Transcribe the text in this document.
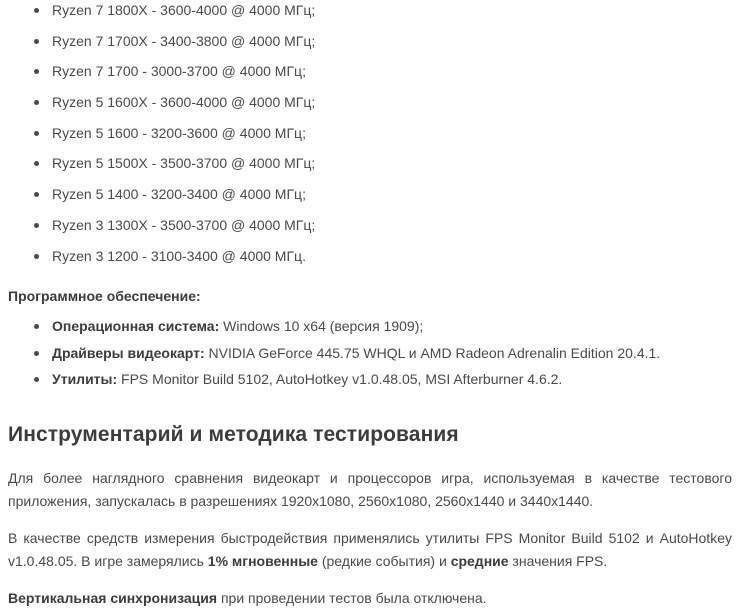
Ryzen 7 1800X - 3600-4000 @ 4000 МГц;
Ryzen 7 1700X - 3400-3800 @ 4000 МГц;
Ryzen 7 1700 - 3000-3700 @ 4000 МГц;
Ryzen 5 1600X - 3600-4000 @ 4000 МГц;
Ryzen 5 1600 - 3200-3600 @ 4000 МГц;
Ryzen 5 1500X - 3500-3700 @ 4000 МГц;
Ryzen 5 1400 - 3200-3400 @ 4000 МГц;
Ryzen 3 1300X - 3500-3700 @ 4000 МГц;
Ryzen 3 1200 - 3100-3400 @ 4000 МГц.
Программное обеспечение:
Операционная система: Windows 10 x64 (версия 1909);
Драйверы видеокарт: NVIDIA GeForce 445.75 WHQL и AMD Radeon Adrenalin Edition 20.4.1.
Утилиты: FPS Monitor Build 5102, AutoHotkey v1.0.48.05, MSI Afterburner 4.6.2.
Инструментарий и методика тестирования

Для более наглядного сравнения видеокарт и процессоров игра, используемая в качестве тестового приложения, запускалась в разрешениях 1920x1080, 2560x1080, 2560x1440 и 3440x1440.

В качестве средств измерения быстродействия применялись утилиты FPS Monitor Build 5102 и AutoHotkey v1.0.48.05. В игре замерялись 1% мгновенные (редкие события) и средние значения FPS.

Вертикальная синхронизация при проведении тестов была отключена.
